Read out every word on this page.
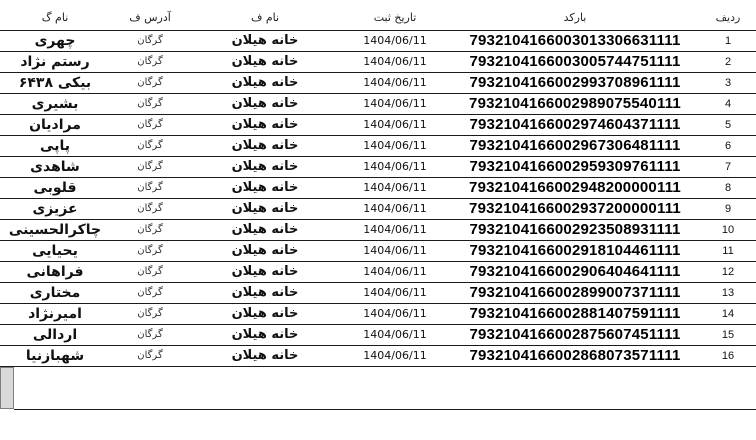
نام گ	آدرس ف	نام ف	تاریخ ثبت	بارکد	ردیف
چهری	گرگان	خانه هیلان	1404/06/11	7932104166003013306631111	1
رستم نژاد	گرگان	خانه هیلان	1404/06/11	7932104166003005744751111	2
بیکی ۶۴۳۸	گرگان	خانه هیلان	1404/06/11	7932104166002993708961111	3
بشیری	گرگان	خانه هیلان	1404/06/11	7932104166002989075540111	4
مرادیان	گرگان	خانه هیلان	1404/06/11	7932104166002974604371111	5
پاپی	گرگان	خانه هیلان	1404/06/11	7932104166002967306481111	6
شاهدی	گرگان	خانه هیلان	1404/06/11	7932104166002959309761111	7
قلوبی	گرگان	خانه هیلان	1404/06/11	7932104166002948200000111	8
عزیزی	گرگان	خانه هیلان	1404/06/11	7932104166002937200000111	9
چاکرالحسینی	گرگان	خانه هیلان	1404/06/11	7932104166002923508931111	10
یحیایی	گرگان	خانه هیلان	1404/06/11	7932104166002918104461111	11
فراهانی	گرگان	خانه هیلان	1404/06/11	7932104166002906404641111	12
مختاری	گرگان	خانه هیلان	1404/06/11	7932104166002899007371111	13
امیرنژاد	گرگان	خانه هیلان	1404/06/11	7932104166002881407591111	14
اردالی	گرگان	خانه هیلان	1404/06/11	7932104166002875607451111	15
شهبازنیا	گرگان	خانه هیلان	1404/06/11	7932104166002868073571111	16
